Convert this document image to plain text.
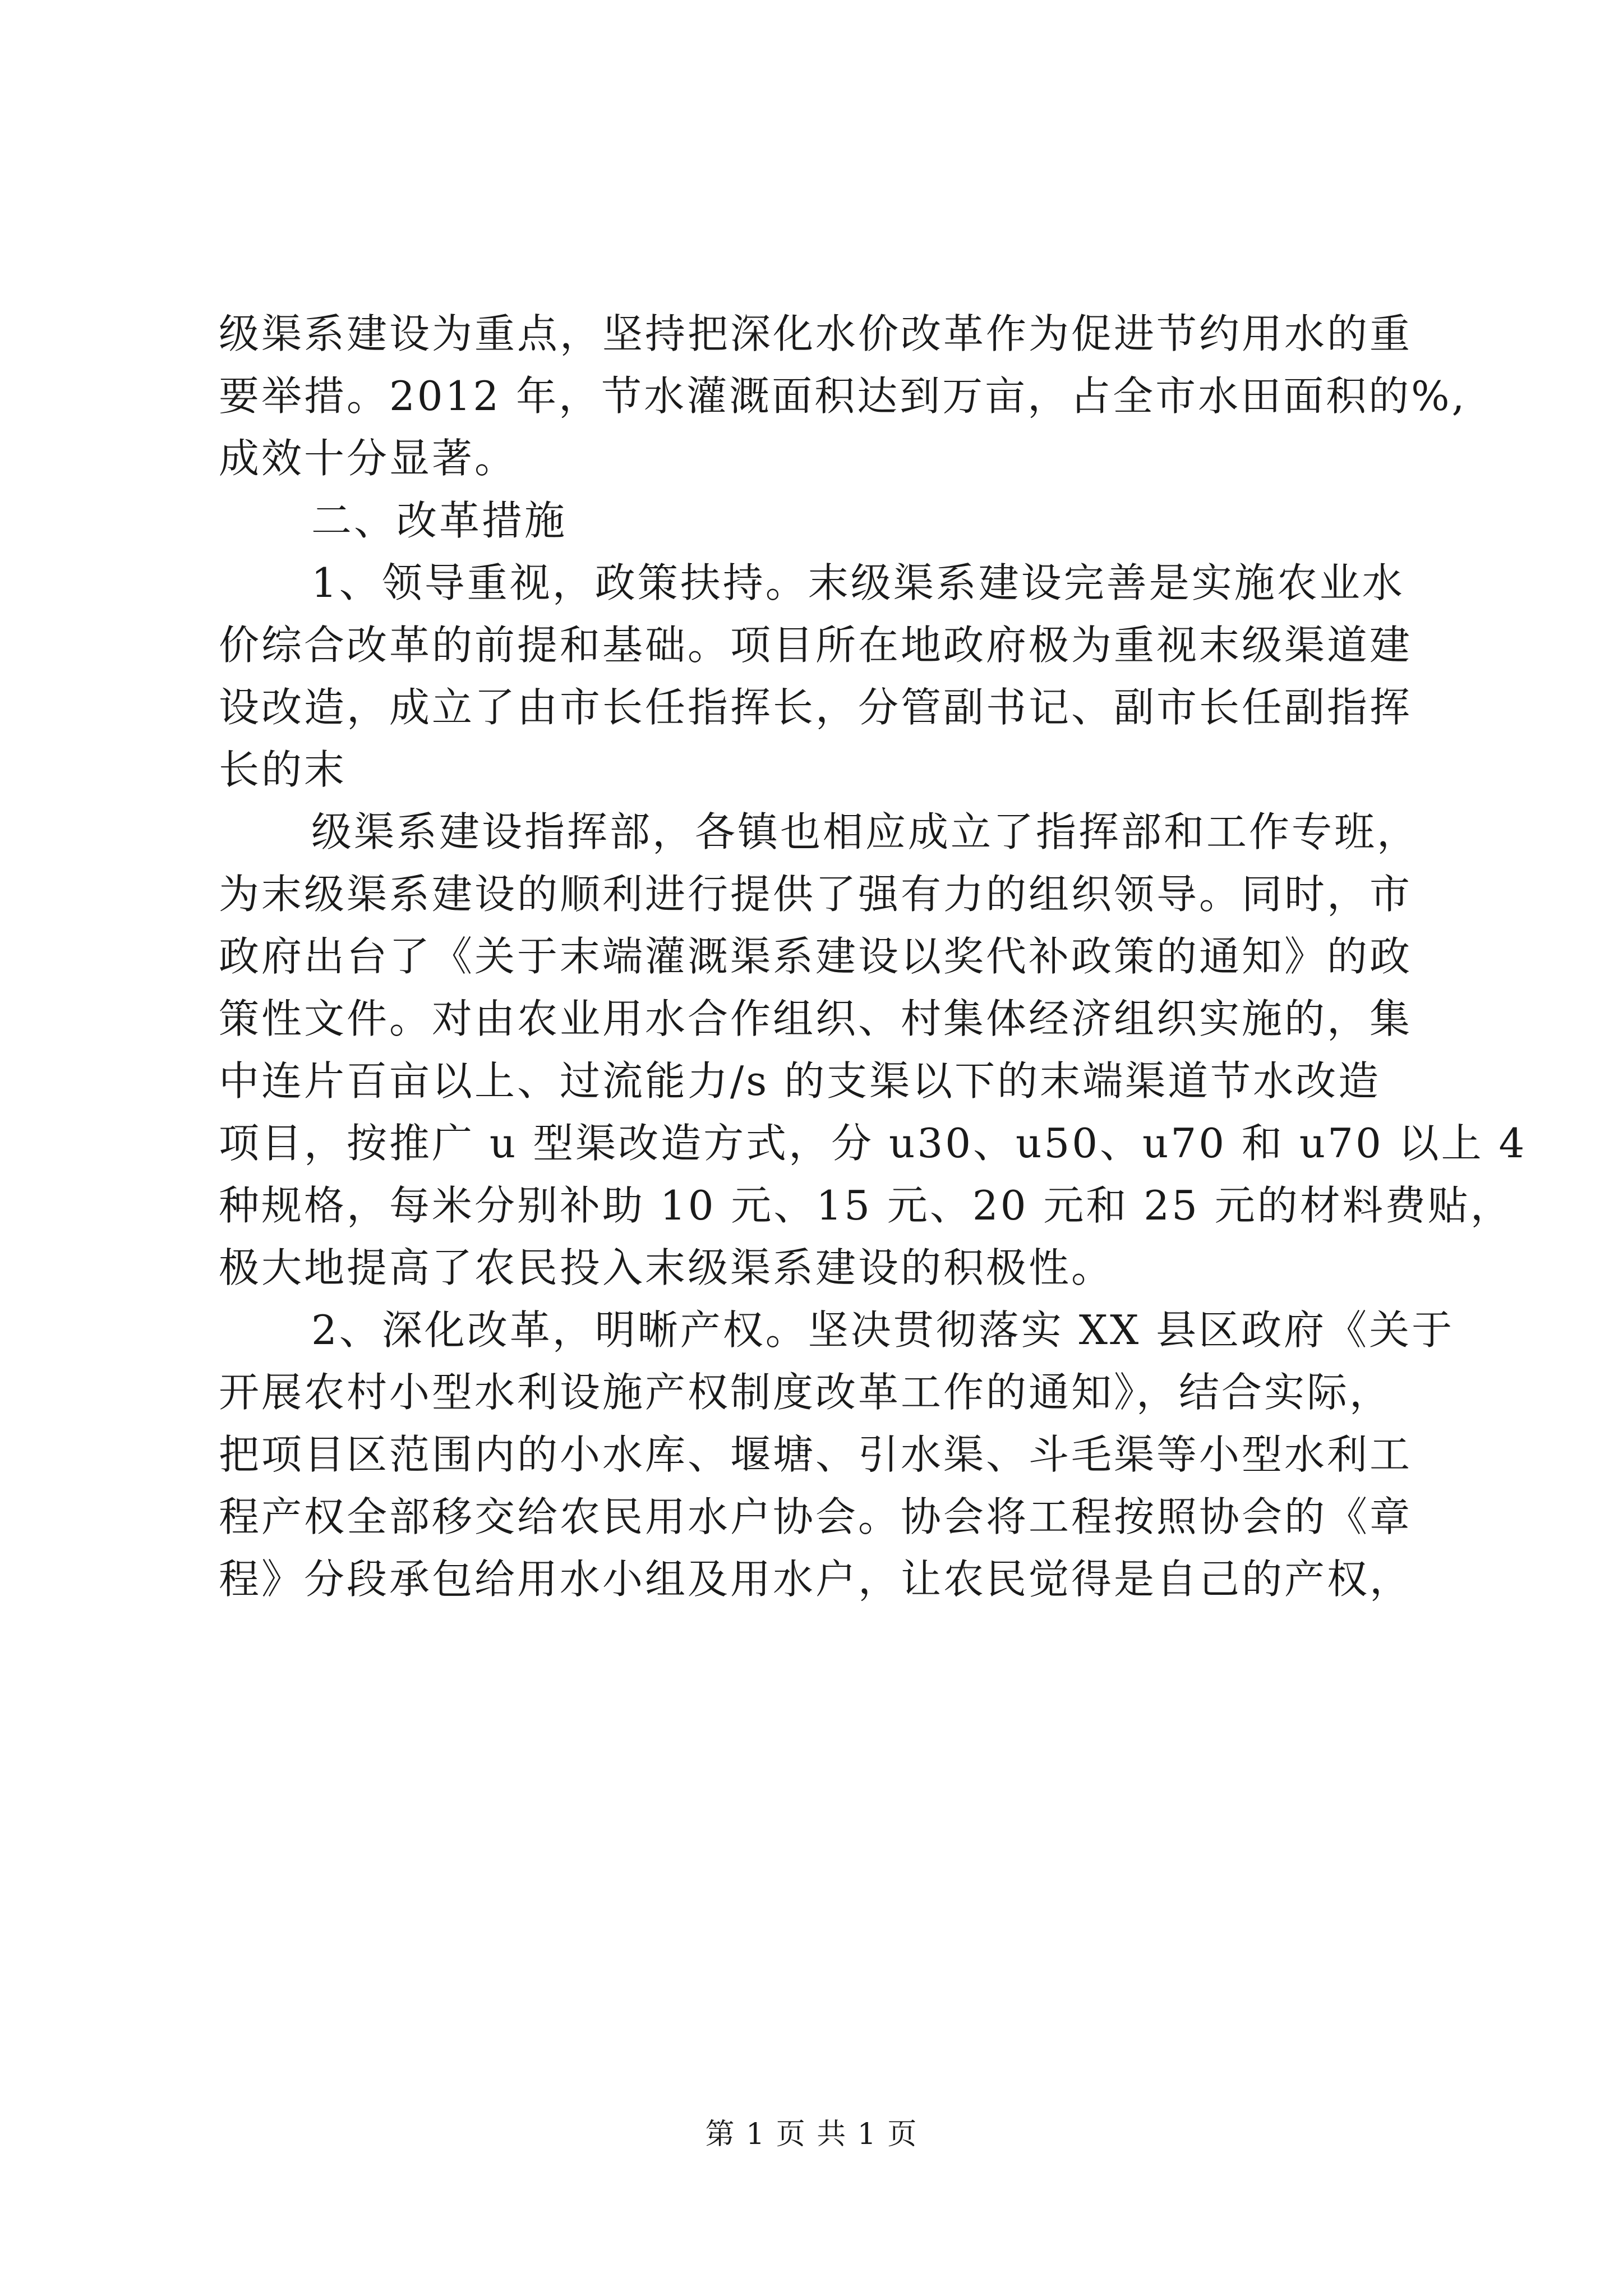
级渠系建设为重点，坚持把深化水价改革作为促进节约用水的重
要举措。2012 年，节水灌溉面积达到万亩，占全市水田面积的%,
成效十分显著。
二、改革措施
1、领导重视，政策扶持。末级渠系建设完善是实施农业水
价综合改革的前提和基础。项目所在地政府极为重视末级渠道建
设改造，成立了由市长任指挥长，分管副书记、副市长任副指挥
长的末
级渠系建设指挥部，各镇也相应成立了指挥部和工作专班，
为末级渠系建设的顺利进行提供了强有力的组织领导。同时，市
政府出台了《关于末端灌溉渠系建设以奖代补政策的通知》的政
策性文件。对由农业用水合作组织、村集体经济组织实施的，集
中连片百亩以上、过流能力/s 的支渠以下的末端渠道节水改造
项目，按推广 u 型渠改造方式，分 u30、u50、u70 和 u70 以上 4
种规格，每米分别补助 10 元、15 元、20 元和 25 元的材料费贴，
极大地提高了农民投入末级渠系建设的积极性。
2、深化改革，明晰产权。坚决贯彻落实 XX 县区政府《关于
开展农村小型水利设施产权制度改革工作的通知》，结合实际，
把项目区范围内的小水库、堰塘、引水渠、斗毛渠等小型水利工
程产权全部移交给农民用水户协会。协会将工程按照协会的《章
程》分段承包给用水小组及用水户，让农民觉得是自己的产权，
第 1 页 共 1 页
